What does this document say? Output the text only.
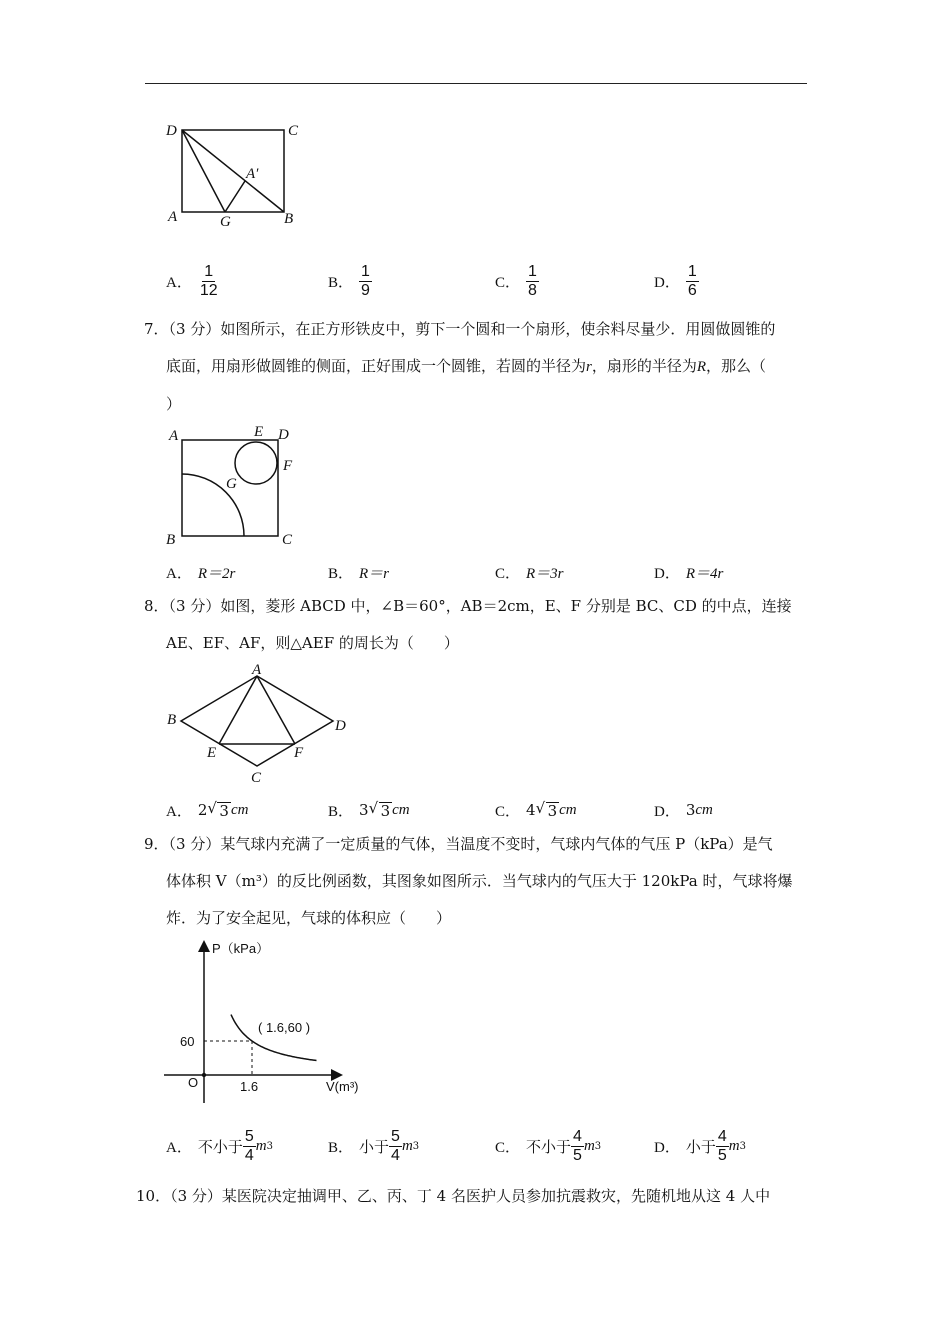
D	C
A	G	B
A′
A． $\frac{1}{12}$	B． $\frac{1}{9}$	C． $\frac{1}{8}$	D． $\frac{1}{6}$
7．（3 分）如图所示，在正方形铁皮中，剪下一个圆和一个扇形，使余料尽量少．用圆做圆锥的
底面，用扇形做圆锥的侧面，正好围成一个圆锥，若圆的半径为r，扇形的半径为R，那么（
）
A	E D
F
G
B	C
A． R＝2r	B． R＝r	C． R＝3r	D． R＝4r
8．（3 分）如图，菱形 ABCD 中，∠B＝60°，AB＝2cm，E、F 分别是 BC、CD 的中点，连接
AE、EF、AF，则△AEF 的周长为（　　）
A
B
C
D
E	F
A． 2 √ 3 cm	B． 3 √ 3 cm	C． 4 √ 3 cm	D． 3 cm
9．（3 分）某气球内充满了一定质量的气体，当温度不变时，气球内气体的气压 P（kPa）是气
体体积 V（m³）的反比例函数，其图象如图所示．当气球内的气压大于 120kPa 时，气球将爆
炸．为了安全起见，气球的体积应（　　）
P（kPa）
V(m³)
O
60
1.6
( 1.6,60 )
A． 不小于 $\frac{5}{4}$ m 3	B． 小于 $\frac{5}{4}$ m 3	C． 不小于 $\frac{4}{5}$ m 3	D． 小于 $\frac{4}{5}$ m 3
10．（3 分）某医院决定抽调甲、乙、丙、丁 4 名医护人员参加抗震救灾，先随机地从这 4 人中
